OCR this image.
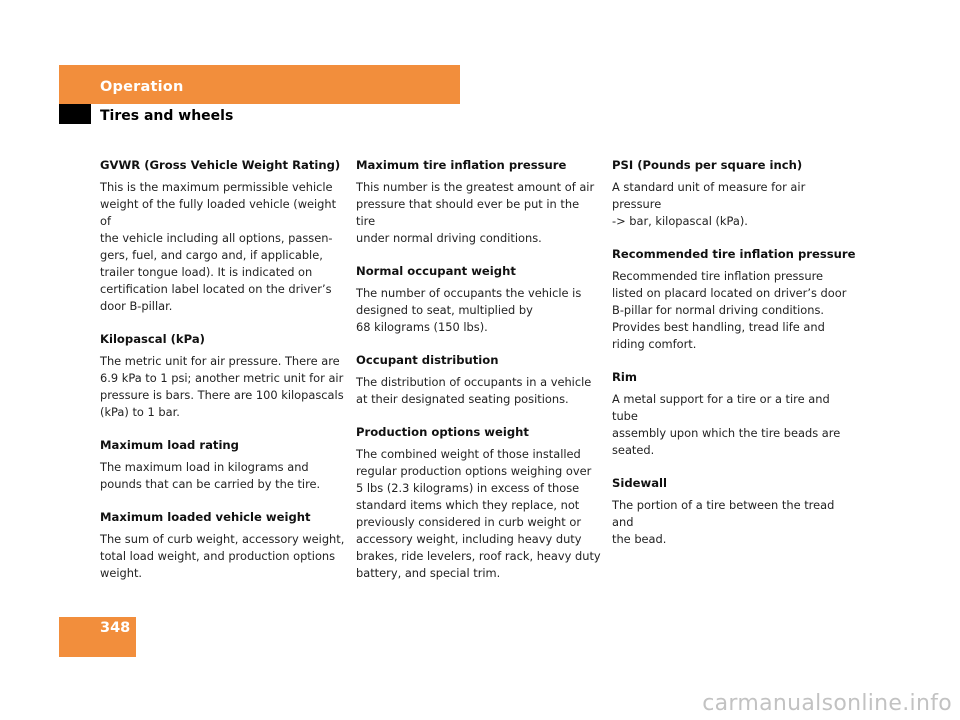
Operation
Tires and wheels
GVWR (Gross Vehicle Weight Rating)
This is the maximum permissible vehicle
weight of the fully loaded vehicle (weight of
the vehicle including all options, passen-
gers, fuel, and cargo and, if applicable,
trailer tongue load). It is indicated on
certification label located on the driver’s
door B-pillar.
Kilopascal (kPa)
The metric unit for air pressure. There are
6.9 kPa to 1 psi; another metric unit for air
pressure is bars. There are 100 kilopascals
(kPa) to 1 bar.
Maximum load rating
The maximum load in kilograms and
pounds that can be carried by the tire.
Maximum loaded vehicle weight
The sum of curb weight, accessory weight,
total load weight, and production options
weight.
Maximum tire inflation pressure
This number is the greatest amount of air
pressure that should ever be put in the tire
under normal driving conditions.
Normal occupant weight
The number of occupants the vehicle is
designed to seat, multiplied by
68 kilograms (150 lbs).
Occupant distribution
The distribution of occupants in a vehicle
at their designated seating positions.
Production options weight
The combined weight of those installed
regular production options weighing over
5 lbs (2.3 kilograms) in excess of those
standard items which they replace, not
previously considered in curb weight or
accessory weight, including heavy duty
brakes, ride levelers, roof rack, heavy duty
battery, and special trim.
PSI (Pounds per square inch)
A standard unit of measure for air pressure
-> bar, kilopascal (kPa).
Recommended tire inflation pressure
Recommended tire inflation pressure
listed on placard located on driver’s door
B-pillar for normal driving conditions.
Provides best handling, tread life and
riding comfort.
Rim
A metal support for a tire or a tire and tube
assembly upon which the tire beads are
seated.
Sidewall
The portion of a tire between the tread and
the bead.
348
carmanualsonline.info
